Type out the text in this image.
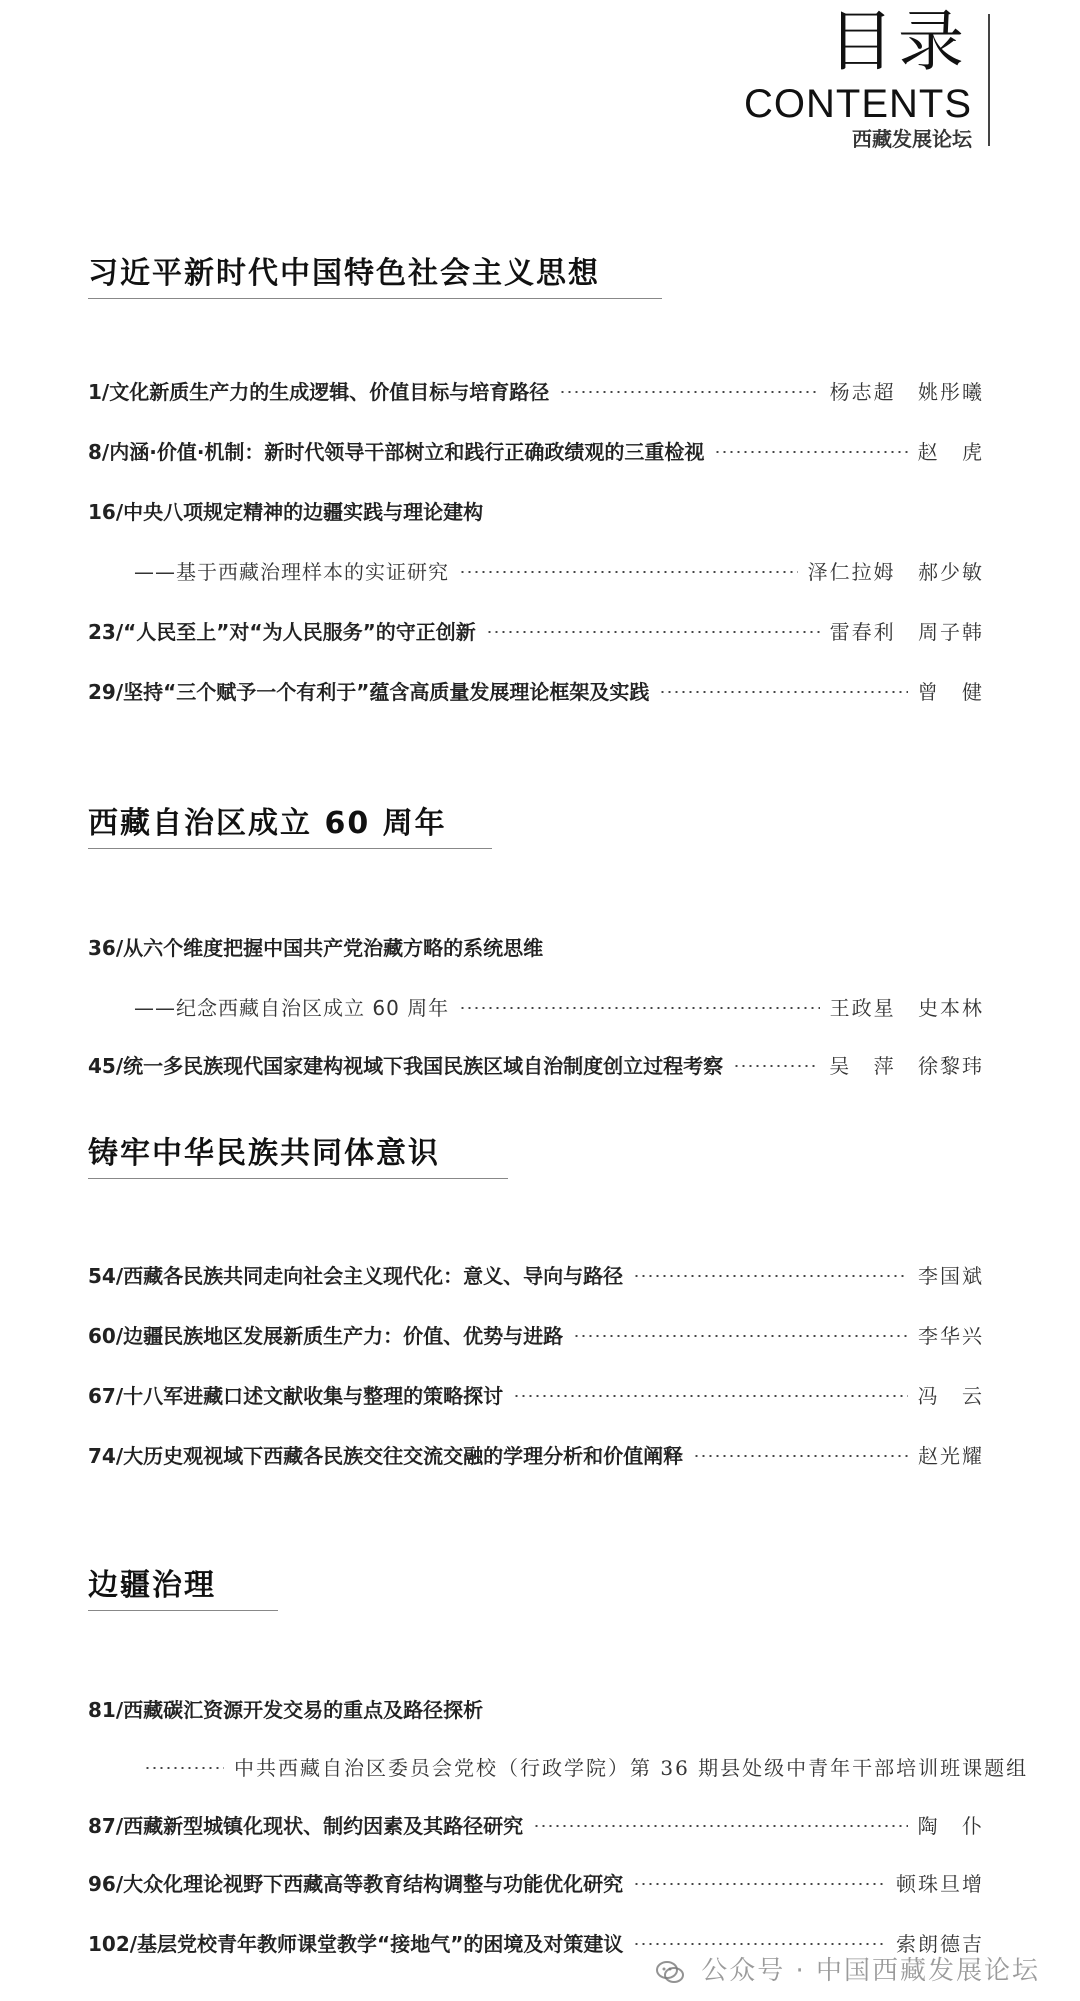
目录
CONTENTS
西藏发展论坛
习近平新时代中国特色社会主义思想
1/文化新质生产力的生成逻辑、价值目标与培育路径	杨志超 姚彤曦
8/内涵·价值·机制：新时代领导干部树立和践行正确政绩观的三重检视	赵 虎
16/中央八项规定精神的边疆实践与理论建构
——基于西藏治理样本的实证研究	泽仁拉姆 郝少敏
23/“人民至上”对“为人民服务”的守正创新	雷春利 周子韩
29/坚持“三个赋予一个有利于”蕴含高质量发展理论框架及实践	曾 健
西藏自治区成立 60 周年
36/从六个维度把握中国共产党治藏方略的系统思维
——纪念西藏自治区成立 60 周年	王政星 史本林
45/统一多民族现代国家建构视域下我国民族区域自治制度创立过程考察	吴 萍 徐黎玮
铸牢中华民族共同体意识
54/西藏各民族共同走向社会主义现代化：意义、导向与路径	李国斌
60/边疆民族地区发展新质生产力：价值、优势与进路	李华兴
67/十八军进藏口述文献收集与整理的策略探讨	冯 云
74/大历史观视域下西藏各民族交往交流交融的学理分析和价值阐释	赵光耀
边疆治理
81/西藏碳汇资源开发交易的重点及路径探析
中共西藏自治区委员会党校（行政学院）第 36 期县处级中青年干部培训班课题组
87/西藏新型城镇化现状、制约因素及其路径研究	陶 仆
96/大众化理论视野下西藏高等教育结构调整与功能优化研究	顿珠旦增
102/基层党校青年教师课堂教学“接地气”的困境及对策建议	索朗德吉
公众号 · 中国西藏发展论坛
